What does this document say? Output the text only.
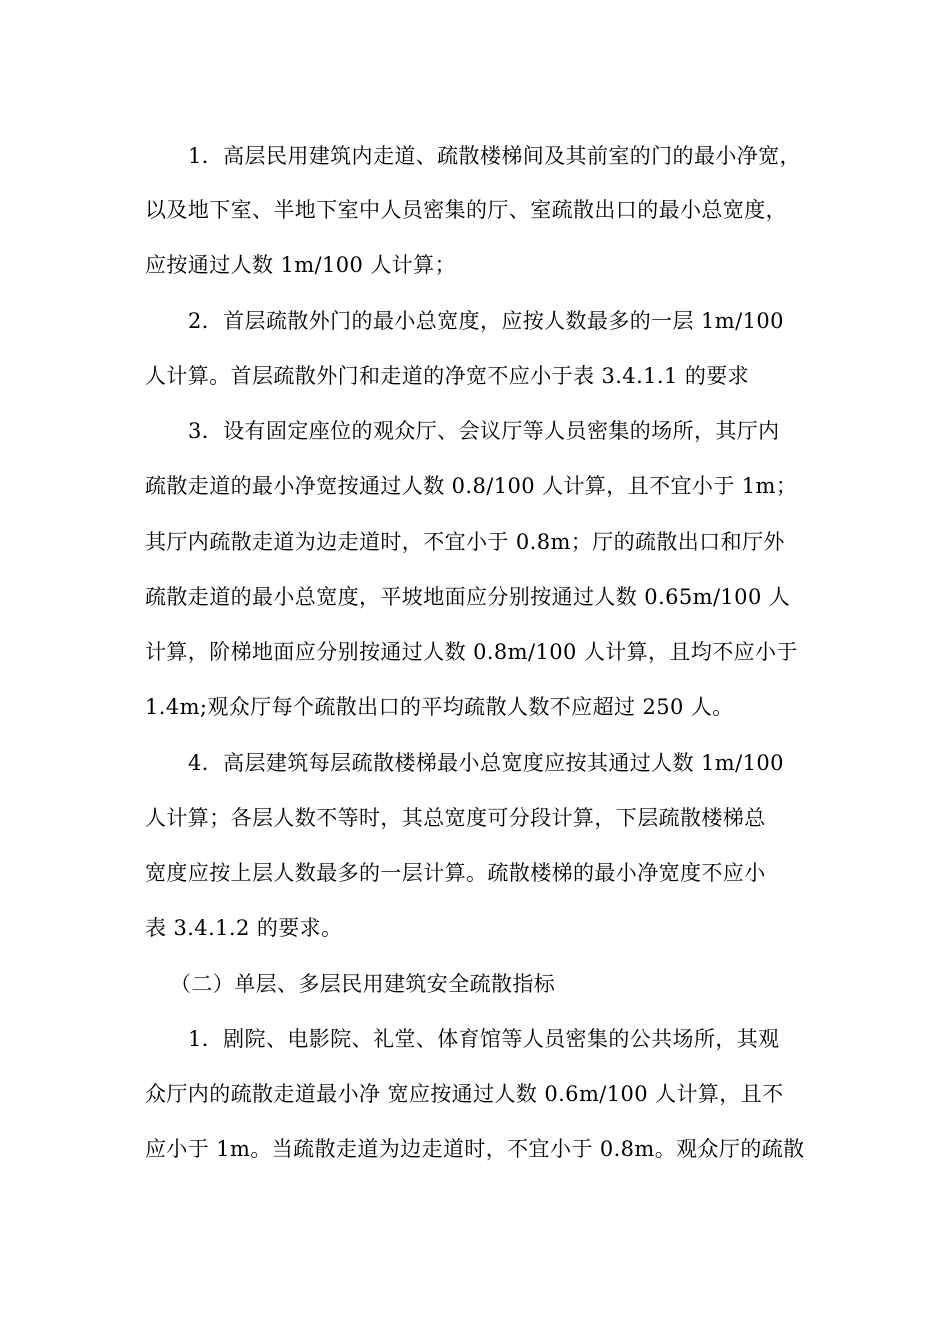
1．高层民用建筑内走道、疏散楼梯间及其前室的门的最小净宽，
以及地下室、半地下室中人员密集的厅、室疏散出口的最小总宽度，
应按通过人数 1m/100 人计算；
2．首层疏散外门的最小总宽度，应按人数最多的一层 1m/100
人计算。首层疏散外门和走道的净宽不应小于表 3.4.1.1 的要求
3．设有固定座位的观众厅、会议厅等人员密集的场所，其厅内
疏散走道的最小净宽按通过人数 0.8/100 人计算，且不宜小于 1m；
其厅内疏散走道为边走道时，不宜小于 0.8m；厅的疏散出口和厅外
疏散走道的最小总宽度，平坡地面应分别按通过人数 0.65m/100 人
计算，阶梯地面应分别按通过人数 0.8m/100 人计算，且均不应小于
1.4m;观众厅每个疏散出口的平均疏散人数不应超过 250 人。
4．高层建筑每层疏散楼梯最小总宽度应按其通过人数 1m/100
人计算；各层人数不等时，其总宽度可分段计算，下层疏散楼梯总
宽度应按上层人数最多的一层计算。疏散楼梯的最小净宽度不应小
表 3.4.1.2 的要求。
（二）单层、多层民用建筑安全疏散指标
1．剧院、电影院、礼堂、体育馆等人员密集的公共场所，其观
众厅内的疏散走道最小净 宽应按通过人数 0.6m/100 人计算，且不
应小于 1m。当疏散走道为边走道时，不宜小于 0.8m。观众厅的疏散
